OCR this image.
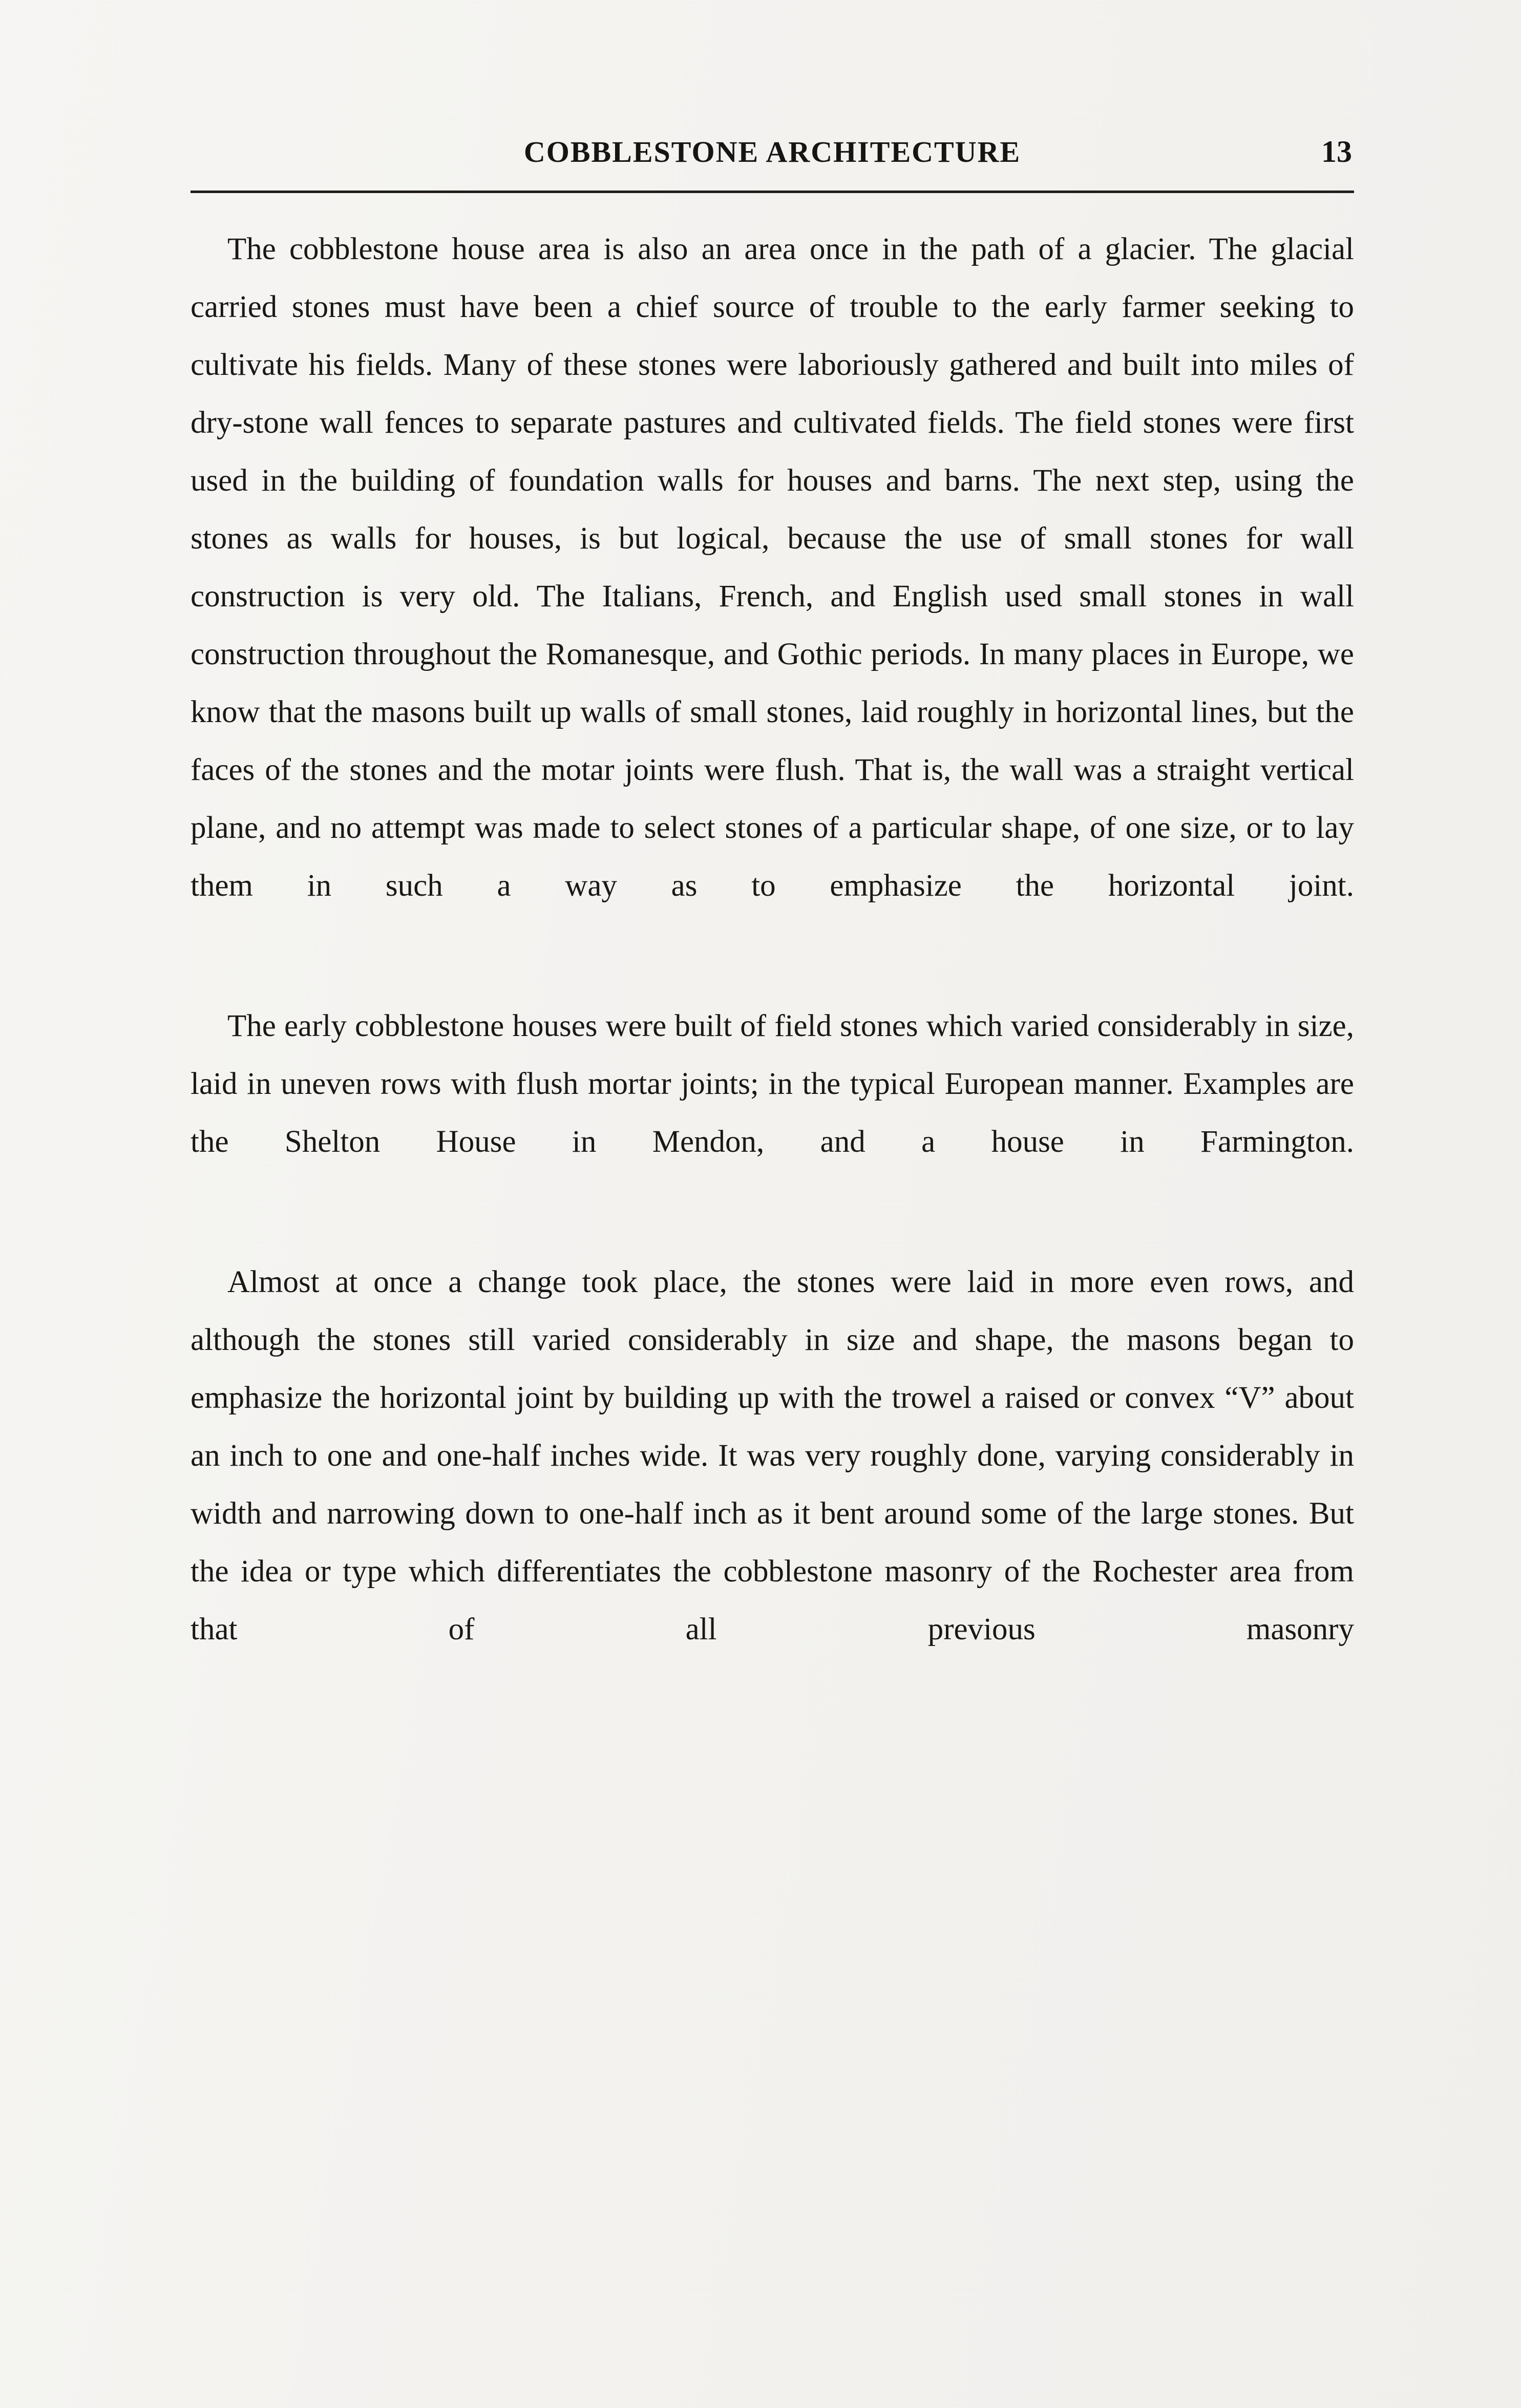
COBBLESTONE ARCHITECTURE	13

The cobblestone house area is also an area once in the path of a glacier. The glacial carried stones must have been a chief source of trouble to the early farmer seeking to cultivate his fields. Many of these stones were laboriously gathered and built into miles of dry-stone wall fences to separate pastures and cultivated fields. The field stones were first used in the building of foundation walls for houses and barns. The next step, using the stones as walls for houses, is but logical, because the use of small stones for wall construction is very old. The Italians, French, and English used small stones in wall construction throughout the Romanesque, and Gothic periods. In many places in Europe, we know that the masons built up walls of small stones, laid roughly in horizontal lines, but the faces of the stones and the motar joints were flush. That is, the wall was a straight vertical plane, and no attempt was made to select stones of a particular shape, of one size, or to lay them in such a way as to emphasize the horizontal joint.

The early cobblestone houses were built of field stones which varied considerably in size, laid in uneven rows with flush mortar joints; in the typical European manner. Examples are the Shelton House in Mendon, and a house in Farmington.

Almost at once a change took place, the stones were laid in more even rows, and although the stones still varied considerably in size and shape, the masons began to emphasize the horizontal joint by building up with the trowel a raised or convex “V” about an inch to one and one-half inches wide. It was very roughly done, varying considerably in width and narrowing down to one-half inch as it bent around some of the large stones. But the idea or type which differentiates the cobblestone masonry of the Rochester area from that of all previous masonry
